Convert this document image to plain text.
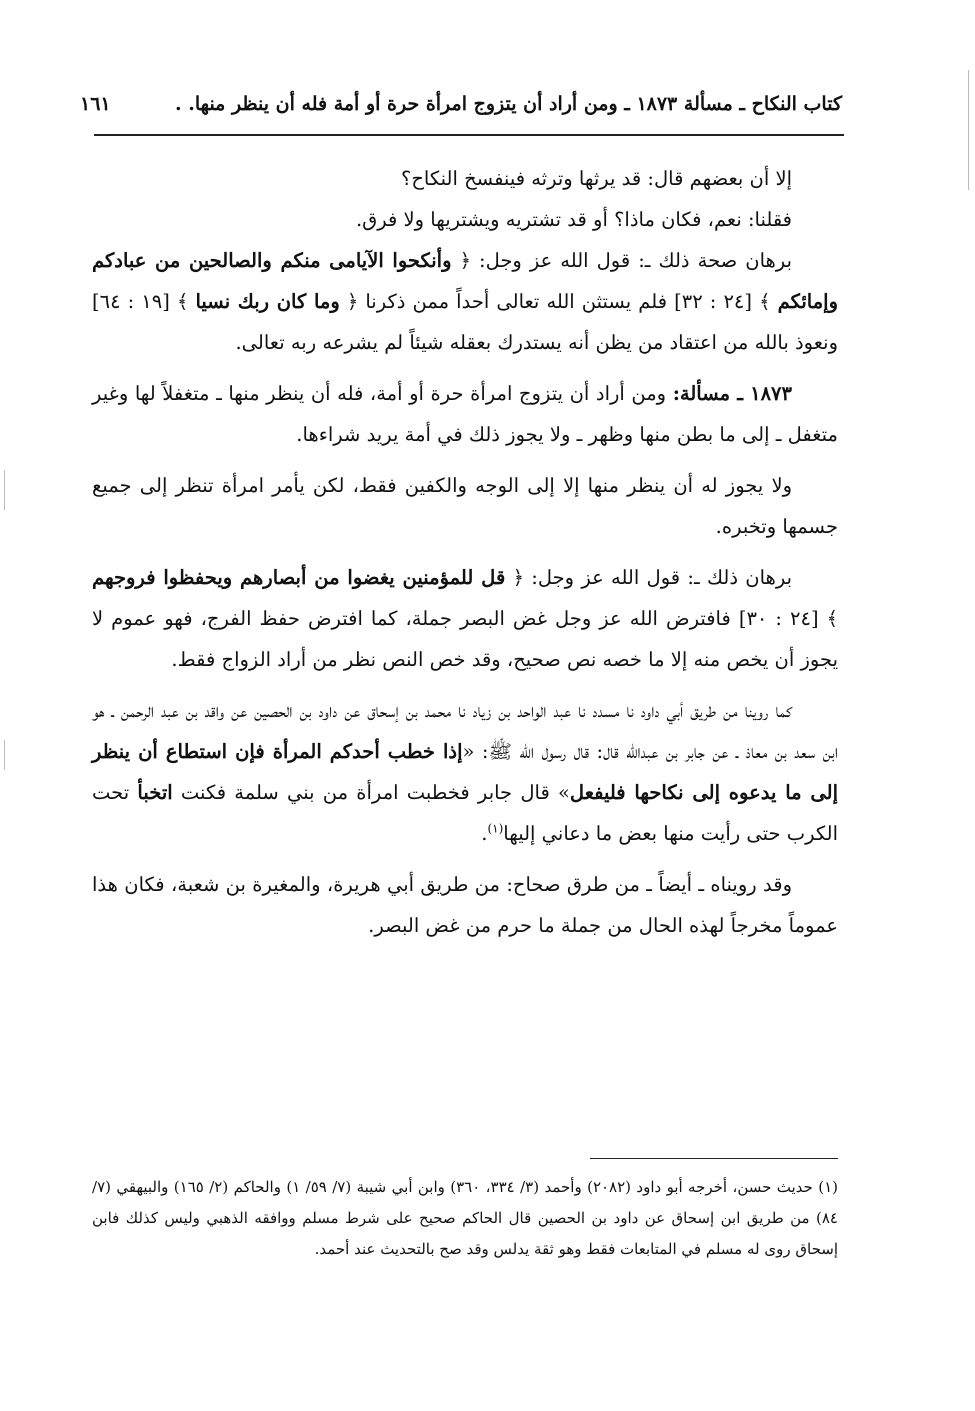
كتاب النكاح ـ مسألة ١٨٧٣ ـ ومن أراد أن يتزوج امرأة حرة أو أمة فله أن ينظر منها. .
١٦١

إلا أن بعضهم قال: قد يرثها وترثه فينفسخ النكاح؟

فقلنا: نعم، فكان ماذا؟ أو قد تشتريه ويشتريها ولا فرق.

برهان صحة ذلك ـ: قول الله عز وجل: ﴿ وأنكحوا الآيامى منكم والصالحين من عبادكم وإمائكم ﴾ [٢٤ : ٣٢] فلم يستثن الله تعالى أحداً ممن ذكرنا ﴿ وما كان ربك نسيا ﴾ [١٩ : ٦٤] ونعوذ بالله من اعتقاد من يظن أنه يستدرك بعقله شيئاً لم يشرعه ربه تعالى.

١٨٧٣ ـ مسألة: ومن أراد أن يتزوج امرأة حرة أو أمة، فله أن ينظر منها ـ متغفلاً لها وغير متغفل ـ إلى ما بطن منها وظهر ـ ولا يجوز ذلك في أمة يريد شراءها.

ولا يجوز له أن ينظر منها إلا إلى الوجه والكفين فقط، لكن يأمر امرأة تنظر إلى جميع جسمها وتخبره.

برهان ذلك ـ: قول الله عز وجل: ﴿ قل للمؤمنين يغضوا من أبصارهم ويحفظوا فروجهم ﴾ [٢٤ : ٣٠] فافترض الله عز وجل غض البصر جملة، كما افترض حفظ الفرج، فهو عموم لا يجوز أن يخص منه إلا ما خصه نص صحيح، وقد خص النص نظر من أراد الزواج فقط.

كما روينا من طريق أبي داود نا مسدد نا عبد الواحد بن زياد نا محمد بن إسحاق عن داود بن الحصين عن واقد بن عبد الرحمن ـ هو ابن سعد بن معاذ ـ عن جابر بن عبدالله قال: قال رسول الله ﷺ: «إذا خطب أحدكم المرأة فإن استطاع أن ينظر إلى ما يدعوه إلى نكاحها فليفعل» قال جابر فخطبت امرأة من بني سلمة فكنت اتخبأ تحت الكرب حتى رأيت منها بعض ما دعاني إليها$^{(١)}$.

وقد رويناه ـ أيضاً ـ من طرق صحاح: من طريق أبي هريرة، والمغيرة بن شعبة، فكان هذا عموماً مخرجاً لهذه الحال من جملة ما حرم من غض البصر.

(١) حديث حسن، أخرجه أبو داود (٢٠٨٢) وأحمد (٣/ ٣٣٤، ٣٦٠) وابن أبي شيبة (٧/ ٥٩/ ١) والحاكم (٢/ ١٦٥) والبيهقي (٧/ ٨٤) من طريق ابن إسحاق عن داود بن الحصين قال الحاكم صحيح على شرط مسلم ووافقه الذهبي وليس كذلك فابن إسحاق روى له مسلم في المتابعات فقط وهو ثقة يدلس وقد صح بالتحديث عند أحمد.
